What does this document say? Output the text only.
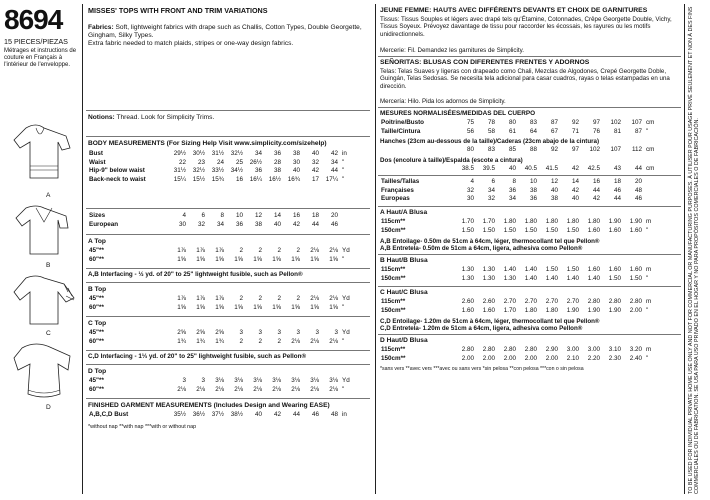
8694
15 PIECES/PIEZAS
Métrages et instructions de couture en Français à l'intérieur de l'enveloppe.
A
B
C
D
MISSES' TOPS WITH FRONT AND TRIM VARIATIONS
Fabrics: Soft, lightweight fabrics with drape such as Challis, Cotton Types, Double Georgette, Gingham, Silky Types.
Extra fabric needed to match plaids, stripes or one-way design fabrics.
Notions: Thread. Look for Simplicity Trims.
BODY MEASUREMENTS (For Sizing Help Visit www.simplicity.com/sizehelp)
Bust	29½	30½	31½	32½	34	36	38	40	42	in
Waist	22	23	24	25	26½	28	30	32	34	"
Hip-9" below waist	31½	32½	33½	34½	36	38	40	42	44	"
Back-neck to waist	15¼	15½	15¾	16	16¼	16½	16¾	17	17¼	"
Sizes	4	6	8	10	12	14	16	18	20	
European	30	32	34	36	38	40	42	44	46	
A Top
45"**	1⅞	1⅞	1⅞	2	2	2	2	2⅛	2⅛	Yd
60"**	1⅝	1⅝	1⅝	1⅝	1⅝	1⅝	1⅝	1⅝	1⅝	"
A,B Interfacing - ½ yd. of 20" to 25" lightweight fusible, such as Pellon®
B Top
45"**	1⅞	1⅞	1⅞	2	2	2	2	2⅛	2⅛	Yd
60"**	1⅝	1⅝	1⅝	1⅝	1⅝	1⅝	1⅝	1⅝	1⅝	"
C Top
45"**	2⅝	2⅝	2⅝	3	3	3	3	3	3	Yd
60"**	1¾	1¾	1¾	2	2	2	2⅛	2⅛	2⅛	"
C,D Interfacing - 1⅓ yd. of 20" to 25" lightweight fusible, such as Pellon®
D Top
45"**	3	3	3⅛	3⅛	3⅛	3⅛	3⅛	3⅛	3⅛	Yd
60"**	2⅛	2⅛	2⅛	2⅛	2⅛	2⅛	2⅛	2⅛	2⅛	"
FINISHED GARMENT MEASUREMENTS (Includes Design and Wearing EASE)
A,B,C,D Bust	35½	36½	37½	38½	40	42	44	46	48	in
*without nap **with nap ***with or without nap
JEUNE FEMME: HAUTS AVEC DIFFÉRENTS DEVANTS ET CHOIX DE GARNITURES
Tissus: Tissus Souples et légers avec drapé tels qu'Étamine, Cotonnades, Crêpe Georgette Double, Vichy, Tissus Soyeux. Prévoyez davantage de tissu pour raccorder les écossais, les rayures ou les motifs unidirectionnels.
Mercerie: Fil. Demandez les garnitures de Simplicity.
SEÑORITAS: BLUSAS CON DIFERENTES FRENTES Y ADORNOS
Telas: Telas Suaves y ligeras con drapeado como Chali, Mezclas de Algodones, Crepé Georgette Doble, Guingán, Telas Sedosas. Se necesita tela adicional para casar cuadros, rayas o telas estampadas en una dirección.
Mercería: Hilo. Pida los adornos de Simplicity.
MESURES NORMALISÉES/MEDIDAS DEL CUERPO
Poitrine/Busto	75	78	80	83	87	92	97	102	107	cm
Taille/Cintura	56	58	61	64	67	71	76	81	87	"
Hanches (23cm au-dessous de la taille)/Caderas (23cm abajo de la cintura)
	80	83	85	88	92	97	102	107	112	cm
Dos (encolure à taille)/Espalda (escote a cintura)
	38.5	39.5	40	40.5	41.5	42	42.5	43	44	cm
Tailles/Tallas	4	6	8	10	12	14	16	18	20	
Françaises	32	34	36	38	40	42	44	46	48	
Europeas	30	32	34	36	38	40	42	44	46	
A Haut/A Blusa
115cm**	1.70	1.70	1.80	1.80	1.80	1.80	1.80	1.90	1.90	m
150cm**	1.50	1.50	1.50	1.50	1.50	1.50	1.60	1.60	1.60	"
A,B Entoilage- 0.50m de 51cm à 64cm, léger, thermocollant tel que Pellon®
A,B Entretela- 0.50m de 51cm a 64cm, ligera, adhesiva como Pellon®
B Haut/B Blusa
115cm**	1.30	1.30	1.40	1.40	1.50	1.50	1.60	1.60	1.60	m
150cm**	1.30	1.30	1.30	1.40	1.40	1.40	1.40	1.50	1.50	"
C Haut/C Blusa
115cm**	2.60	2.60	2.70	2.70	2.70	2.70	2.80	2.80	2.80	m
150cm**	1.60	1.60	1.70	1.80	1.80	1.90	1.90	1.90	2.00	"
C,D Entoilage- 1.20m de 51cm à 64cm, léger, thermocollant tel que Pellon®
C,D Entretela- 1.20m de 51cm a 64cm, ligera, adhesiva como Pellon®
D Haut/D Blusa
115cm**	2.80	2.80	2.80	2.80	2.90	3.00	3.00	3.10	3.20	m
150cm**	2.00	2.00	2.00	2.00	2.00	2.10	2.20	2.30	2.40	"
*sans vers **avec vers ***avec ou sans vers *sin pelosa **con pelosa ***con o sin pelosa	TO BE USED FOR INDIVIDUAL PRIVATE HOME USE ONLY AND NOT FOR COMMERCIAL OR MANUFACTURING PURPOSES. À UTILISER POUR USAGE PRIVÉ SEULEMENT ET NON À DES FINS COMMERCIALES OU DE FABRICATION. SE USA PARA USO PRIVADO EN EL HOGAR Y NO PARA PROPÓSITOS COMERCIALES O DE FABRICACIÓN.
